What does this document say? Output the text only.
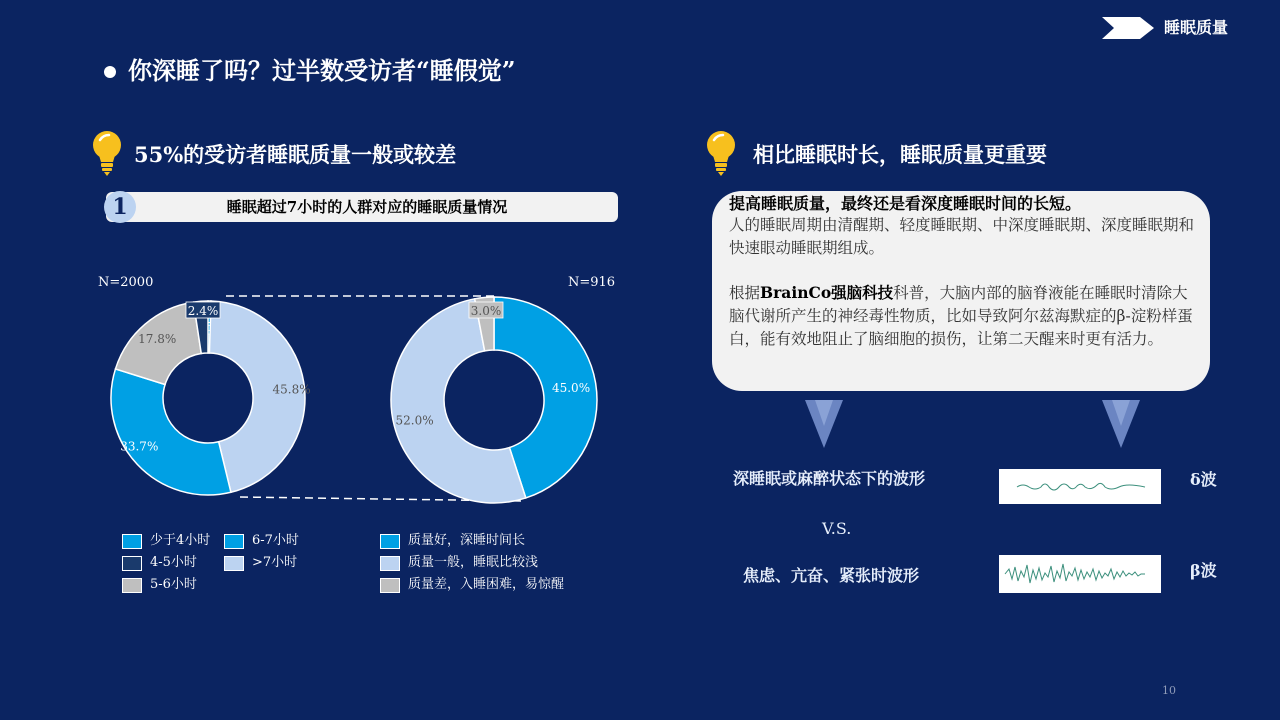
睡眠质量
你深睡了吗？过半数受访者“睡假觉”
55%的受访者睡眠质量一般或较差	相比睡眠时长，睡眠质量更重要
1	睡眠超过7小时的人群对应的睡眠质量情况
N=2000	N=916
45.8%
33.7%
17.8%
2.4%
45.0%
52.0%
3.0%
少于4小时	6-7小时
4-5小时	>7小时
5-6小时
质量好，深睡时间长
质量一般，睡眠比较浅
质量差，入睡困难，易惊醒
提高睡眠质量，最终还是看深度睡眠时间的长短。
人的睡眠周期由清醒期、轻度睡眠期、中深度睡眠期、深度睡眠期和快速眼动睡眠期组成。
根据BrainCo强脑科技科普，大脑内部的脑脊液能在睡眠时清除大脑代谢所产生的神经毒性物质，比如导致阿尔兹海默症的β-淀粉样蛋白，能有效地阻止了脑细胞的损伤，让第二天醒来时更有活力。
深睡眠或麻醉状态下的波形
V.S.
焦虑、亢奋、紧张时波形
δ波
β波
10
